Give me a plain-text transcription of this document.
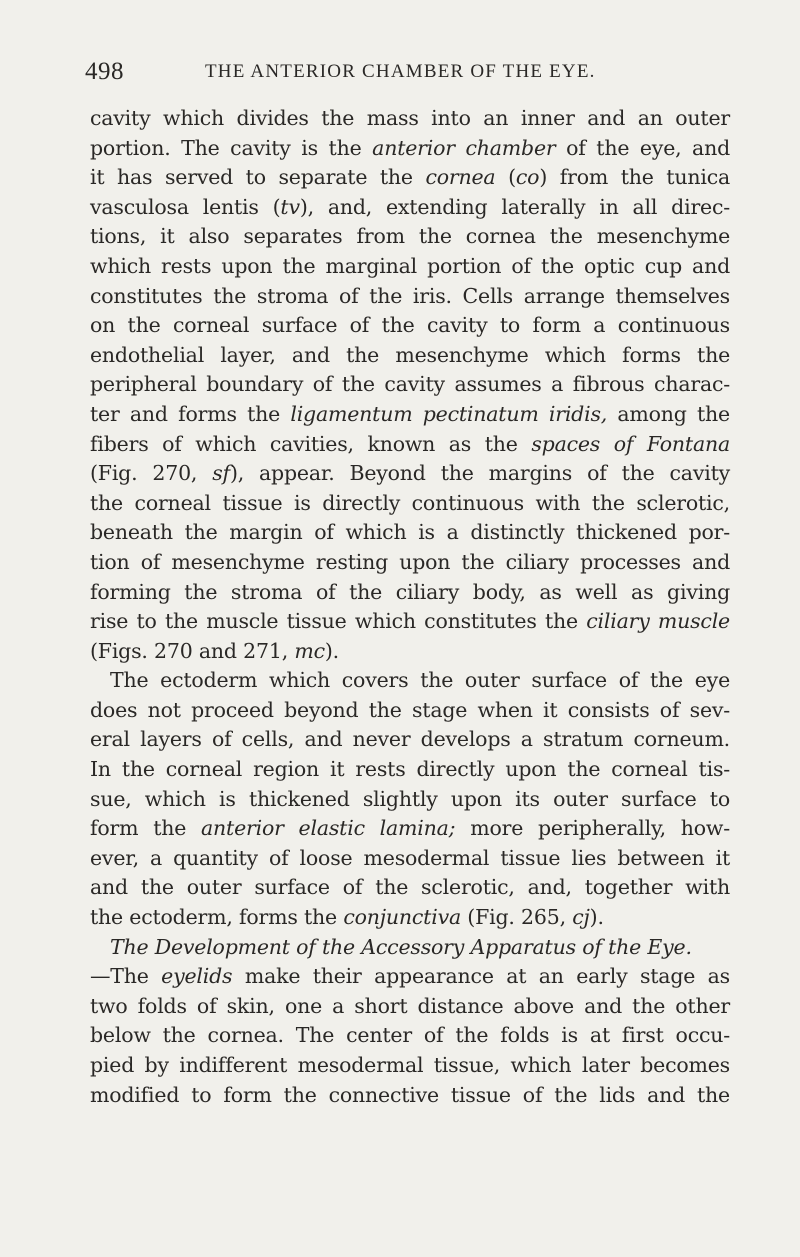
498	THE ANTERIOR CHAMBER OF THE EYE.
cavity which divides the mass into an inner and an outer
portion. The cavity is the anterior chamber of the eye, and
it has served to separate the cornea (co) from the tunica
vasculosa lentis (tv), and, extending laterally in all direc-
tions, it also separates from the cornea the mesenchyme
which rests upon the marginal portion of the optic cup and
constitutes the stroma of the iris. Cells arrange themselves
on the corneal surface of the cavity to form a continuous
endothelial layer, and the mesenchyme which forms the
peripheral boundary of the cavity assumes a fibrous charac-
ter and forms the ligamentum pectinatum iridis, among the
fibers of which cavities, known as the spaces of Fontana
(Fig. 270, sf), appear. Beyond the margins of the cavity
the corneal tissue is directly continuous with the sclerotic,
beneath the margin of which is a distinctly thickened por-
tion of mesenchyme resting upon the ciliary processes and
forming the stroma of the ciliary body, as well as giving
rise to the muscle tissue which constitutes the ciliary muscle
(Figs. 270 and 271, mc).
The ectoderm which covers the outer surface of the eye
does not proceed beyond the stage when it consists of sev-
eral layers of cells, and never develops a stratum corneum.
In the corneal region it rests directly upon the corneal tis-
sue, which is thickened slightly upon its outer surface to
form the anterior elastic lamina; more peripherally, how-
ever, a quantity of loose mesodermal tissue lies between it
and the outer surface of the sclerotic, and, together with
the ectoderm, forms the conjunctiva (Fig. 265, cj).
The Development of the Accessory Apparatus of the Eye.
—The eyelids make their appearance at an early stage as
two folds of skin, one a short distance above and the other
below the cornea. The center of the folds is at first occu-
pied by indifferent mesodermal tissue, which later becomes
modified to form the connective tissue of the lids and the
